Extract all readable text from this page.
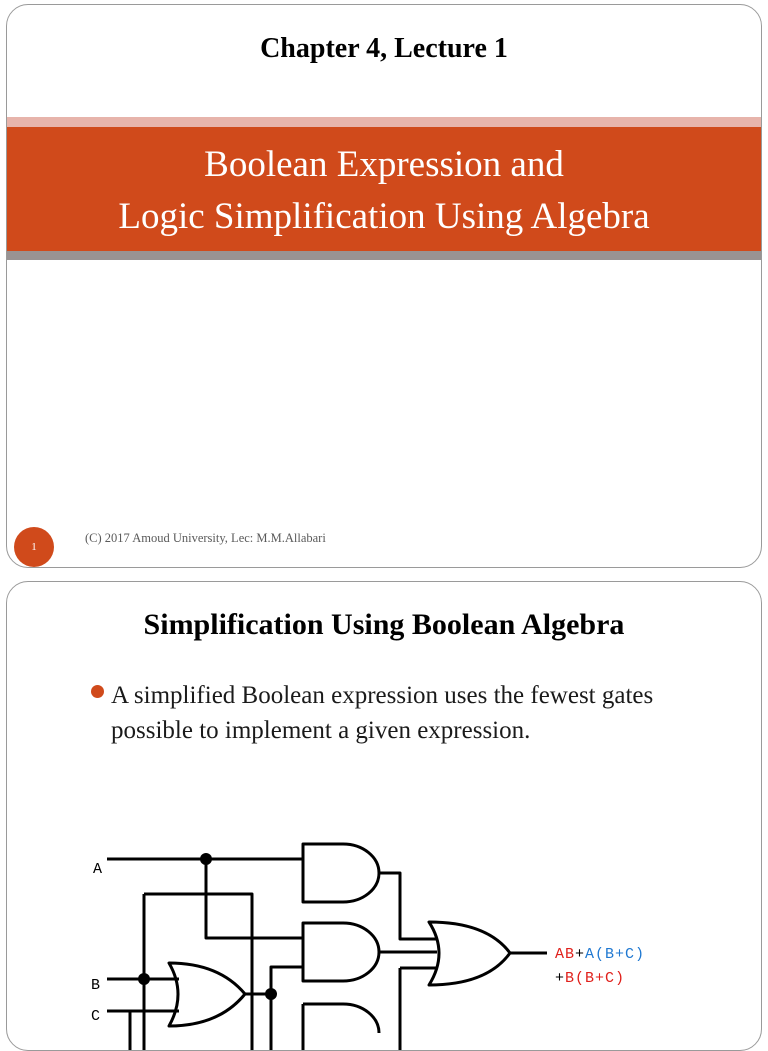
Chapter 4, Lecture 1
Boolean Expression and
Logic Simplification Using Algebra
1
(C) 2017 Amoud University, Lec: M.M.Allabari
Simplification Using Boolean Algebra
A simplified Boolean expression uses the fewest gates possible to implement a given expression.
A
B
C
AB+A(B+C)
+B(B+C)
